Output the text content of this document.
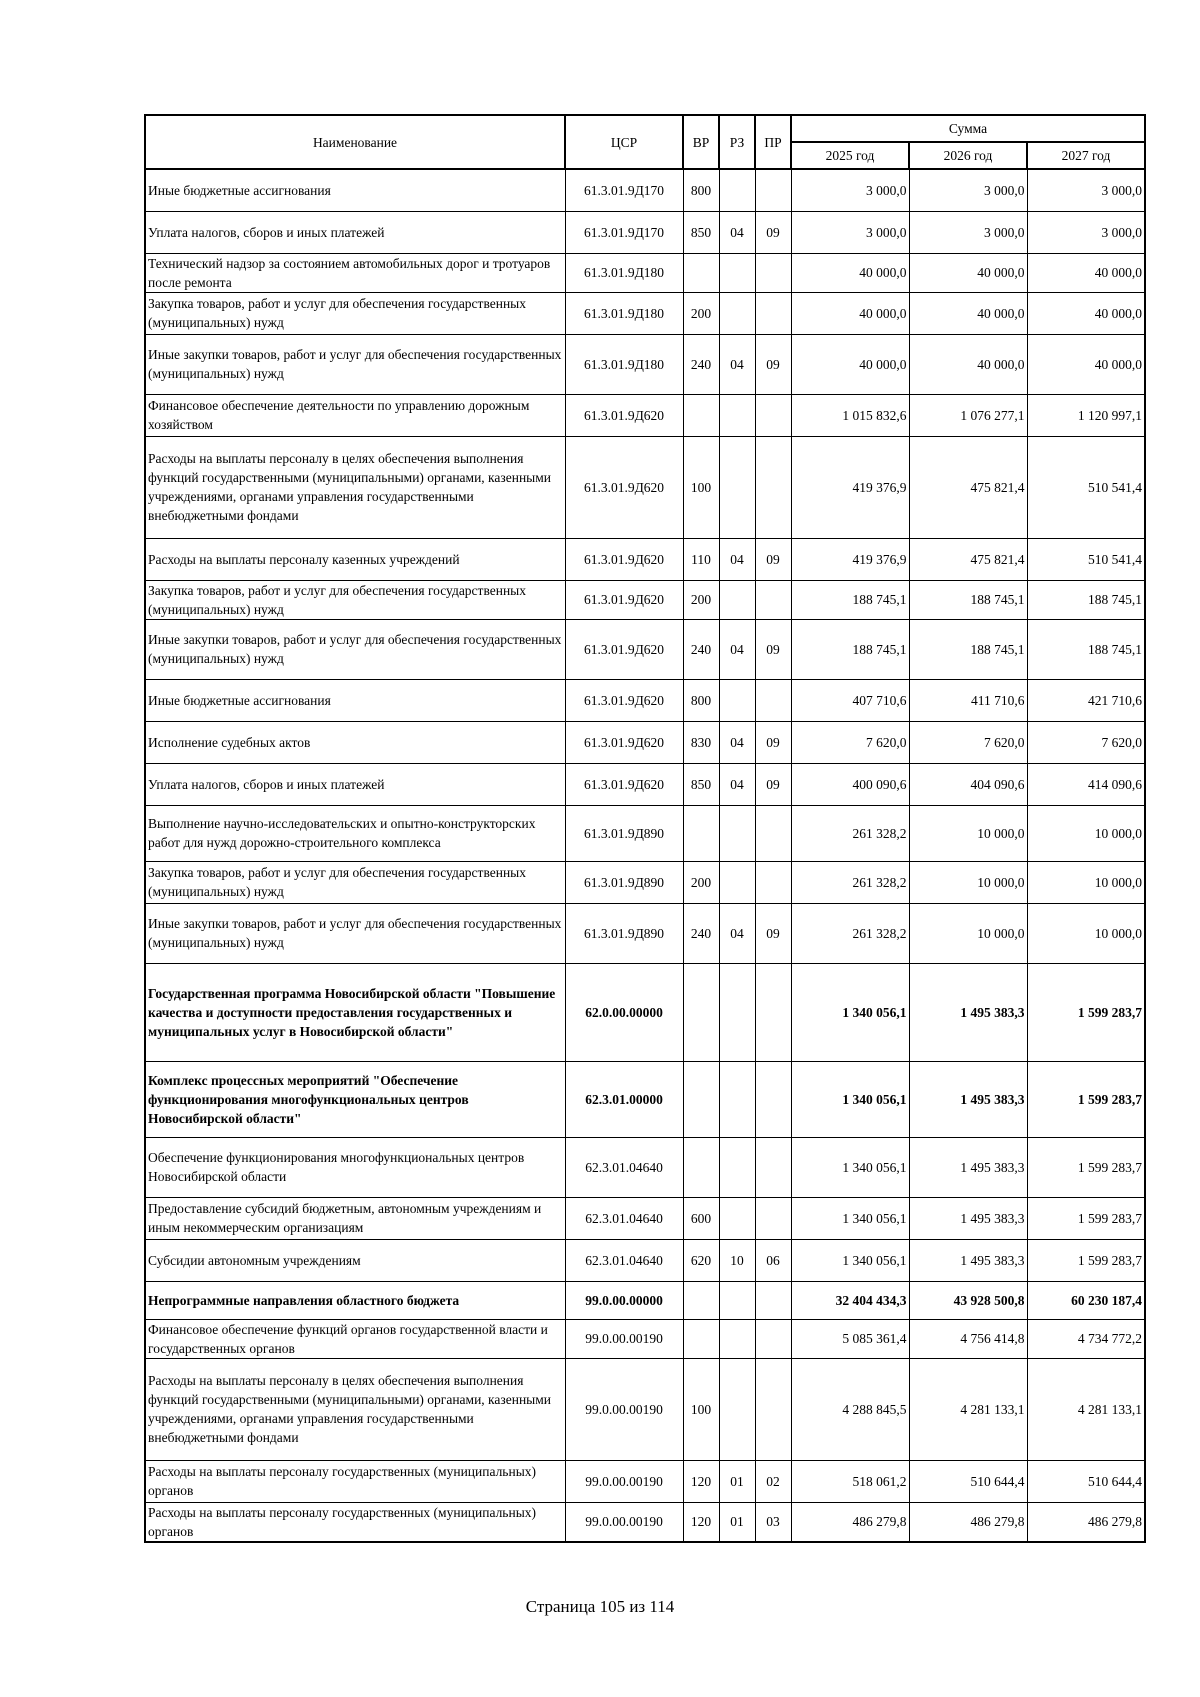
Наименование	ЦСР	ВР	РЗ	ПР	Сумма		
					2025 год	2026 год	2027 год
Иные бюджетные ассигнования	61.3.01.9Д170	800			3 000,0	3 000,0	3 000,0
Уплата налогов, сборов и иных платежей	61.3.01.9Д170	850	04	09	3 000,0	3 000,0	3 000,0
Технический надзор за состоянием автомобильных дорог и тротуаров после ремонта	61.3.01.9Д180				40 000,0	40 000,0	40 000,0
Закупка товаров, работ и услуг для обеспечения государственных (муниципальных) нужд	61.3.01.9Д180	200			40 000,0	40 000,0	40 000,0
Иные закупки товаров, работ и услуг для обеспечения государственных (муниципальных) нужд	61.3.01.9Д180	240	04	09	40 000,0	40 000,0	40 000,0
Финансовое обеспечение деятельности по управлению дорожным хозяйством	61.3.01.9Д620				1 015 832,6	1 076 277,1	1 120 997,1
Расходы на выплаты персоналу в целях обеспечения выполнения функций государственными (муниципальными) органами, казенными учреждениями, органами управления государственными внебюджетными фондами	61.3.01.9Д620	100			419 376,9	475 821,4	510 541,4
Расходы на выплаты персоналу казенных учреждений	61.3.01.9Д620	110	04	09	419 376,9	475 821,4	510 541,4
Закупка товаров, работ и услуг для обеспечения государственных (муниципальных) нужд	61.3.01.9Д620	200			188 745,1	188 745,1	188 745,1
Иные закупки товаров, работ и услуг для обеспечения государственных (муниципальных) нужд	61.3.01.9Д620	240	04	09	188 745,1	188 745,1	188 745,1
Иные бюджетные ассигнования	61.3.01.9Д620	800			407 710,6	411 710,6	421 710,6
Исполнение судебных актов	61.3.01.9Д620	830	04	09	7 620,0	7 620,0	7 620,0
Уплата налогов, сборов и иных платежей	61.3.01.9Д620	850	04	09	400 090,6	404 090,6	414 090,6
Выполнение научно-исследовательских и опытно-конструкторских работ для нужд дорожно-строительного комплекса	61.3.01.9Д890				261 328,2	10 000,0	10 000,0
Закупка товаров, работ и услуг для обеспечения государственных (муниципальных) нужд	61.3.01.9Д890	200			261 328,2	10 000,0	10 000,0
Иные закупки товаров, работ и услуг для обеспечения государственных (муниципальных) нужд	61.3.01.9Д890	240	04	09	261 328,2	10 000,0	10 000,0
Государственная программа Новосибирской области "Повышение качества и доступности предоставления государственных и муниципальных услуг в Новосибирской области"	62.0.00.00000				1 340 056,1	1 495 383,3	1 599 283,7
Комплекс процессных мероприятий "Обеспечение функционирования многофункциональных центров Новосибирской области"	62.3.01.00000				1 340 056,1	1 495 383,3	1 599 283,7
Обеспечение функционирования многофункциональных центров Новосибирской области	62.3.01.04640				1 340 056,1	1 495 383,3	1 599 283,7
Предоставление субсидий бюджетным, автономным учреждениям и иным некоммерческим организациям	62.3.01.04640	600			1 340 056,1	1 495 383,3	1 599 283,7
Субсидии автономным учреждениям	62.3.01.04640	620	10	06	1 340 056,1	1 495 383,3	1 599 283,7
Непрограммные направления областного бюджета	99.0.00.00000				32 404 434,3	43 928 500,8	60 230 187,4
Финансовое обеспечение функций органов государственной власти и государственных органов	99.0.00.00190				5 085 361,4	4 756 414,8	4 734 772,2
Расходы на выплаты персоналу в целях обеспечения выполнения функций государственными (муниципальными) органами, казенными учреждениями, органами управления государственными внебюджетными фондами	99.0.00.00190	100			4 288 845,5	4 281 133,1	4 281 133,1
Расходы на выплаты персоналу государственных (муниципальных) органов	99.0.00.00190	120	01	02	518 061,2	510 644,4	510 644,4
Расходы на выплаты персоналу государственных (муниципальных) органов	99.0.00.00190	120	01	03	486 279,8	486 279,8	486 279,8
Страница 105 из 114
